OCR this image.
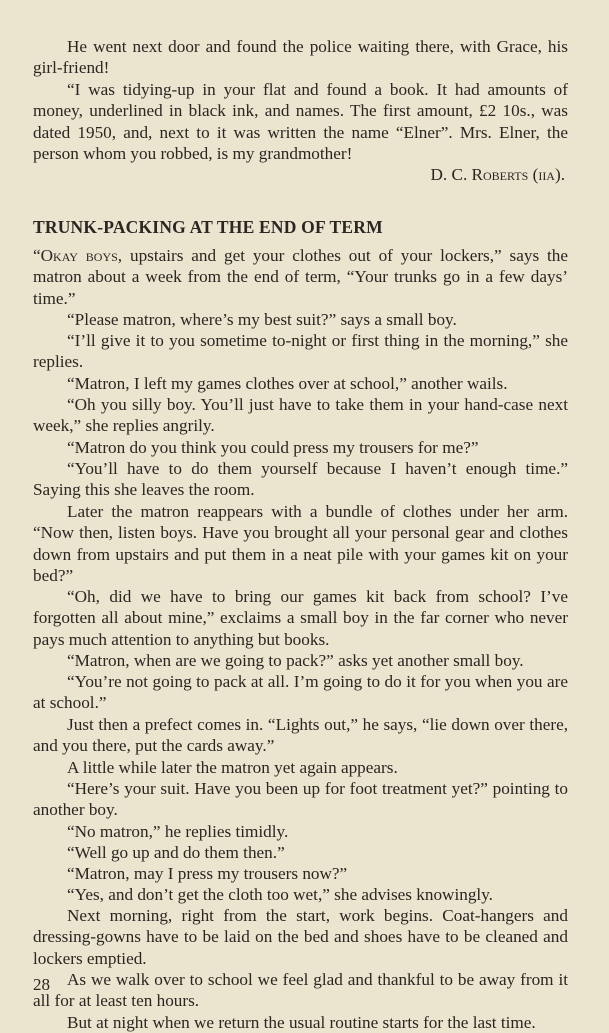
He went next door and found the police waiting there, with Grace, his girl-friend!

“I was tidying-up in your flat and found a book. It had amounts of money, underlined in black ink, and names. The first amount, £2 10s., was dated 1950, and, next to it was written the name “Elner”. Mrs. Elner, the person whom you robbed, is my grandmother!

D. C. Roberts (iia).

TRUNK-PACKING AT THE END OF TERM

“Okay boys, upstairs and get your clothes out of your lockers,” says the matron about a week from the end of term, “Your trunks go in a few days’ time.”

“Please matron, where’s my best suit?” says a small boy.

“I’ll give it to you sometime to-night or first thing in the morning,” she replies.

“Matron, I left my games clothes over at school,” another wails.

“Oh you silly boy. You’ll just have to take them in your hand-case next week,” she replies angrily.

“Matron do you think you could press my trousers for me?”

“You’ll have to do them yourself because I haven’t enough time.” Saying this she leaves the room.

Later the matron reappears with a bundle of clothes under her arm. “Now then, listen boys. Have you brought all your personal gear and clothes down from upstairs and put them in a neat pile with your games kit on your bed?”

“Oh, did we have to bring our games kit back from school? I’ve forgotten all about mine,” exclaims a small boy in the far corner who never pays much attention to anything but books.

“Matron, when are we going to pack?” asks yet another small boy.

“You’re not going to pack at all. I’m going to do it for you when you are at school.”

Just then a prefect comes in. “Lights out,” he says, “lie down over there, and you there, put the cards away.”

A little while later the matron yet again appears.

“Here’s your suit. Have you been up for foot treatment yet?” pointing to another boy.

“No matron,” he replies timidly.

“Well go up and do them then.”

“Matron, may I press my trousers now?”

“Yes, and don’t get the cloth too wet,” she advises knowingly.

Next morning, right from the start, work begins. Coat-hangers and dressing-gowns have to be laid on the bed and shoes have to be cleaned and lockers emptied.

As we walk over to school we feel glad and thankful to be away from it all for at least ten hours.

But at night when we return the usual routine starts for the last time.

28
